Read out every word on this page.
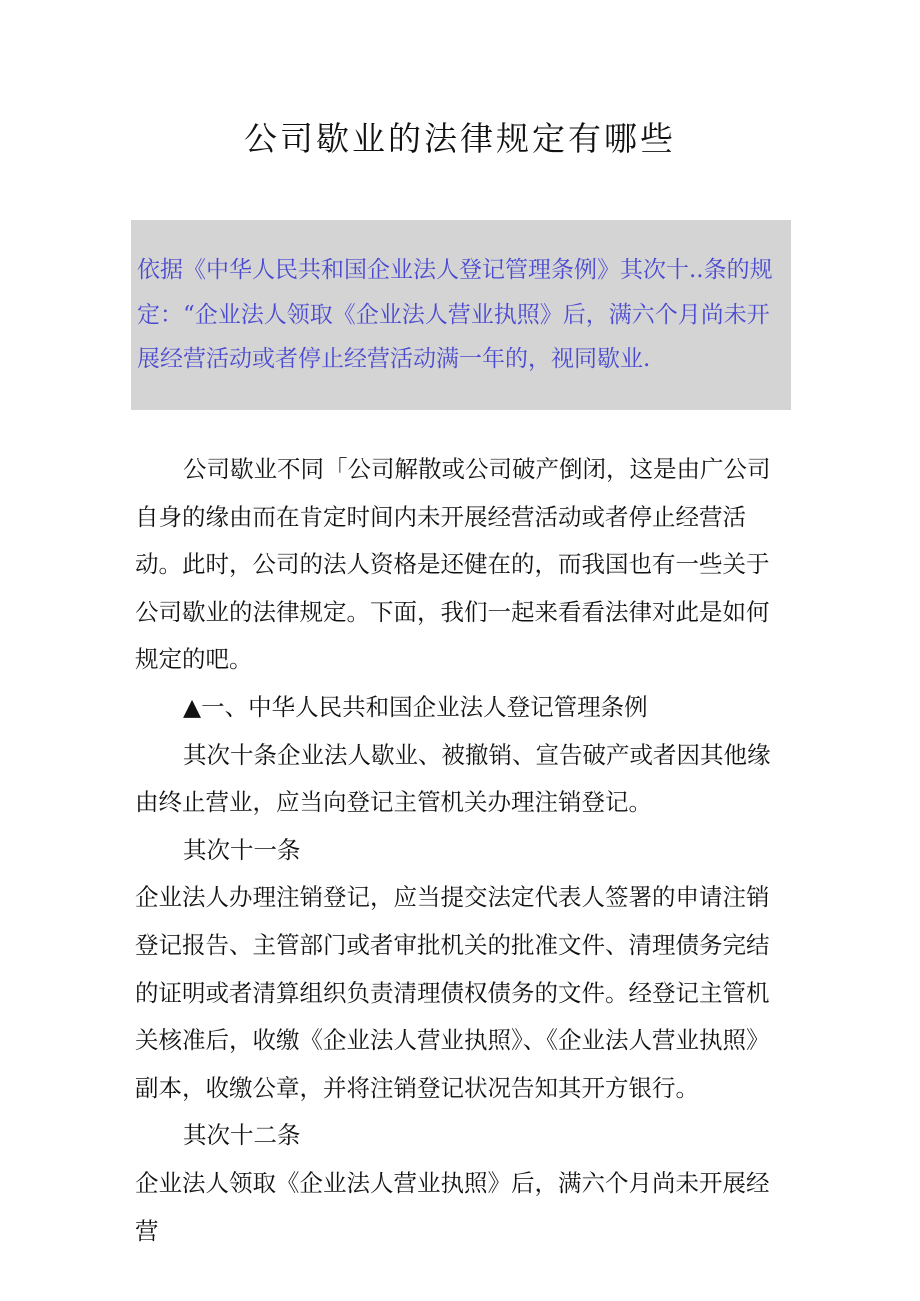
公司歇业的法律规定有哪些

依据《中华人民共和国企业法人登记管理条例》其次十..条的规定：“企业法人领取《企业法人营业执照》后，满六个月尚未开展经营活动或者停止经营活动满一年的，视同歇业.

公司歇业不同「公司解散或公司破产倒闭，这是由广公司自身的缘由而在肯定时间内未开展经营活动或者停止经营活动。此时，公司的法人资格是还健在的，而我国也有一些关于公司歇业的法律规定。下面，我们一起来看看法律对此是如何规定的吧。

▲一、中华人民共和国企业法人登记管理条例

其次十条企业法人歇业、被撤销、宣告破产或者因其他缘由终止营业，应当向登记主管机关办理注销登记。

其次十一条

企业法人办理注销登记，应当提交法定代表人签署的申请注销登记报告、主管部门或者审批机关的批准文件、清理债务完结的证明或者清算组织负责清理债权债务的文件。经登记主管机关核准后，收缴《企业法人营业执照》、《企业法人营业执照》副本，收缴公章，并将注销登记状况告知其开方银行。

其次十二条

企业法人领取《企业法人营业执照》后，满六个月尚未开展经营
